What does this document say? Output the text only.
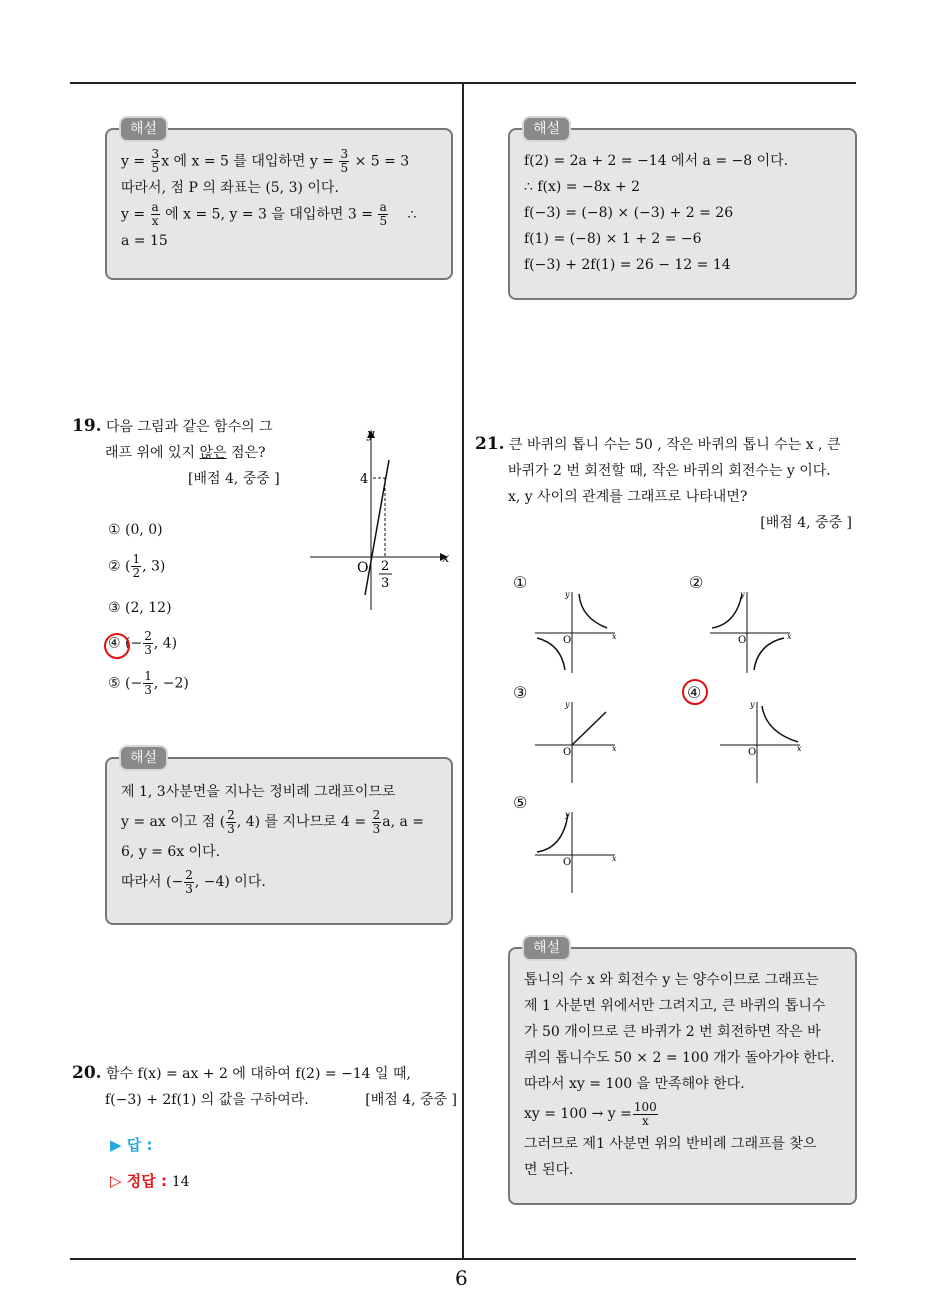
6
해설
$y = \frac{3}{5}$ x 에 x = 5 를 대입하면 $y = \frac{3}{5} \times 5 = 3$
따라서, 점 P 의 좌표는 (5, 3) 이다.
$y = \frac{a}{x}$ 에 x = 5, y = 3 을 대입하면 $3 = \frac{a}{5}$ ∴
a = 15
해설
f(2) = 2a + 2 = −14 에서 a = −8 이다.
∴ f(x) = −8x + 2
f(−3) = (−8) × (−3) + 2 = 26
f(1) = (−8) × 1 + 2 = −6
f(−3) + 2f(1) = 26 − 12 = 14
19. 다음 그림과 같은 함수의 그
래프 위에 있지 않은 점은?
[배점 4, 중중 ]
① (0, 0)
② ( $\frac{1}{2}$ , 3)
③ (2, 12)
④ (− $\frac{2}{3}$ , 4)
⑤ (− $\frac{1}{3}$ , −2)
y
x
O
4
2
3
해설
제 1, 3사분면을 지나는 정비례 그래프이므로
y = ax 이고 점 ( $\frac{2}{3}$ , 4) 를 지나므로 $4 = \frac{2}{3} a$, a =
6, y = 6x 이다.
따라서 (− $\frac{2}{3}$ , −4) 이다.
20. 함수 f(x) = ax + 2 에 대하여 f(2) = −14 일 때,
f(−3) + 2f(1) 의 값을 구하여라.	[배점 4, 중중 ]
▶ 답 :
▷ 정답 : 14
21. 큰 바퀴의 톱니 수는 50 , 작은 바퀴의 톱니 수는 x , 큰
바퀴가 2 번 회전할 때, 작은 바퀴의 회전수는 y 이다.
x, y 사이의 관계를 그래프로 나타내면?
[배점 4, 중중 ]
①	②
③	④
⑤
y
x
O
y
x
O
y
x
O
y
x
O
y
x
O
해설
톱니의 수 x 와 회전수 y 는 양수이므로 그래프는
제 1 사분면 위에서만 그려지고, 큰 바퀴의 톱니수
가 50 개이므로 큰 바퀴가 2 번 회전하면 작은 바
퀴의 톱니수도 50 × 2 = 100 개가 돌아가야 한다.
따라서 xy = 100 을 만족해야 한다.
xy = $100 \to y = \frac{100}{x}$
그러므로 제1 사분면 위의 반비례 그래프를 찾으
면 된다.
